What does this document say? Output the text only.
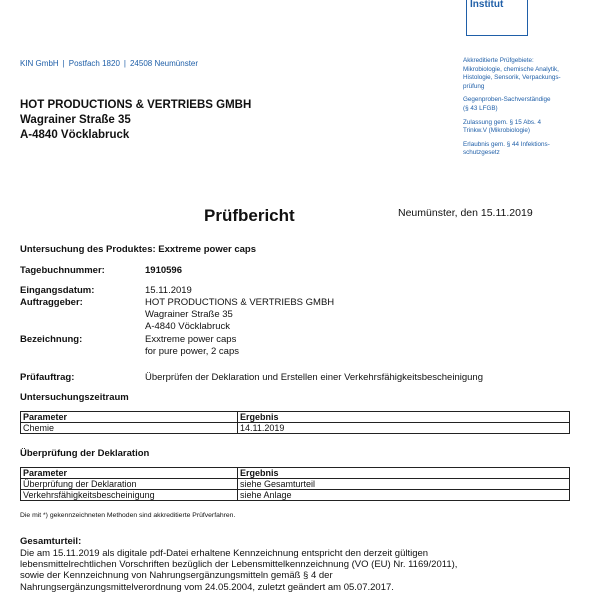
Institut
KIN GmbH | Postfach 1820 | 24508 Neumünster
HOT PRODUCTIONS & VERTRIEBS GMBH
Wagrainer Straße 35
A-4840 Vöcklabruck

Akkreditierte Prüfgebiete:
Mikrobiologie, chemische Analytik,
Histologie, Sensorik, Verpackungs-
prüfung

Gegenproben-Sachverständige
(§ 43 LFGB)

Zulassung gem. § 15 Abs. 4
Trinkw.V (Mikrobiologie)

Erlaubnis gem. § 44 Infektions-
schutzgesetz

Prüfbericht	Neumünster, den 15.11.2019
Untersuchung des Produktes: Exxtreme power caps
Tagebuchnummer:	1910596
Eingangsdatum:	15.11.2019
Auftraggeber:	HOT PRODUCTIONS & VERTRIEBS GMBH
Wagrainer Straße 35
A-4840 Vöcklabruck
Bezeichnung:	Exxtreme power caps
for pure power, 2 caps
Prüfauftrag:	Überprüfen der Deklaration und Erstellen einer Verkehrsfähigkeitsbescheinigung
Untersuchungszeitraum
Parameter	Ergebnis
Chemie	14.11.2019
Überprüfung der Deklaration
Parameter	Ergebnis
Überprüfung der Deklaration	siehe Gesamturteil
Verkehrsfähigkeitsbescheinigung	siehe Anlage
Die mit *) gekennzeichneten Methoden sind akkreditierte Prüfverfahren.
Gesamturteil:
Die am 15.11.2019 als digitale pdf-Datei erhaltene Kennzeichnung entspricht den derzeit gültigen
lebensmittelrechtlichen Vorschriften bezüglich der Lebensmittelkennzeichnung (VO (EU) Nr. 1169/2011),
sowie der Kennzeichnung von Nahrungsergänzungsmitteln gemäß § 4 der
Nahrungsergänzungsmittelverordnung vom 24.05.2004, zuletzt geändert am 05.07.2017.
